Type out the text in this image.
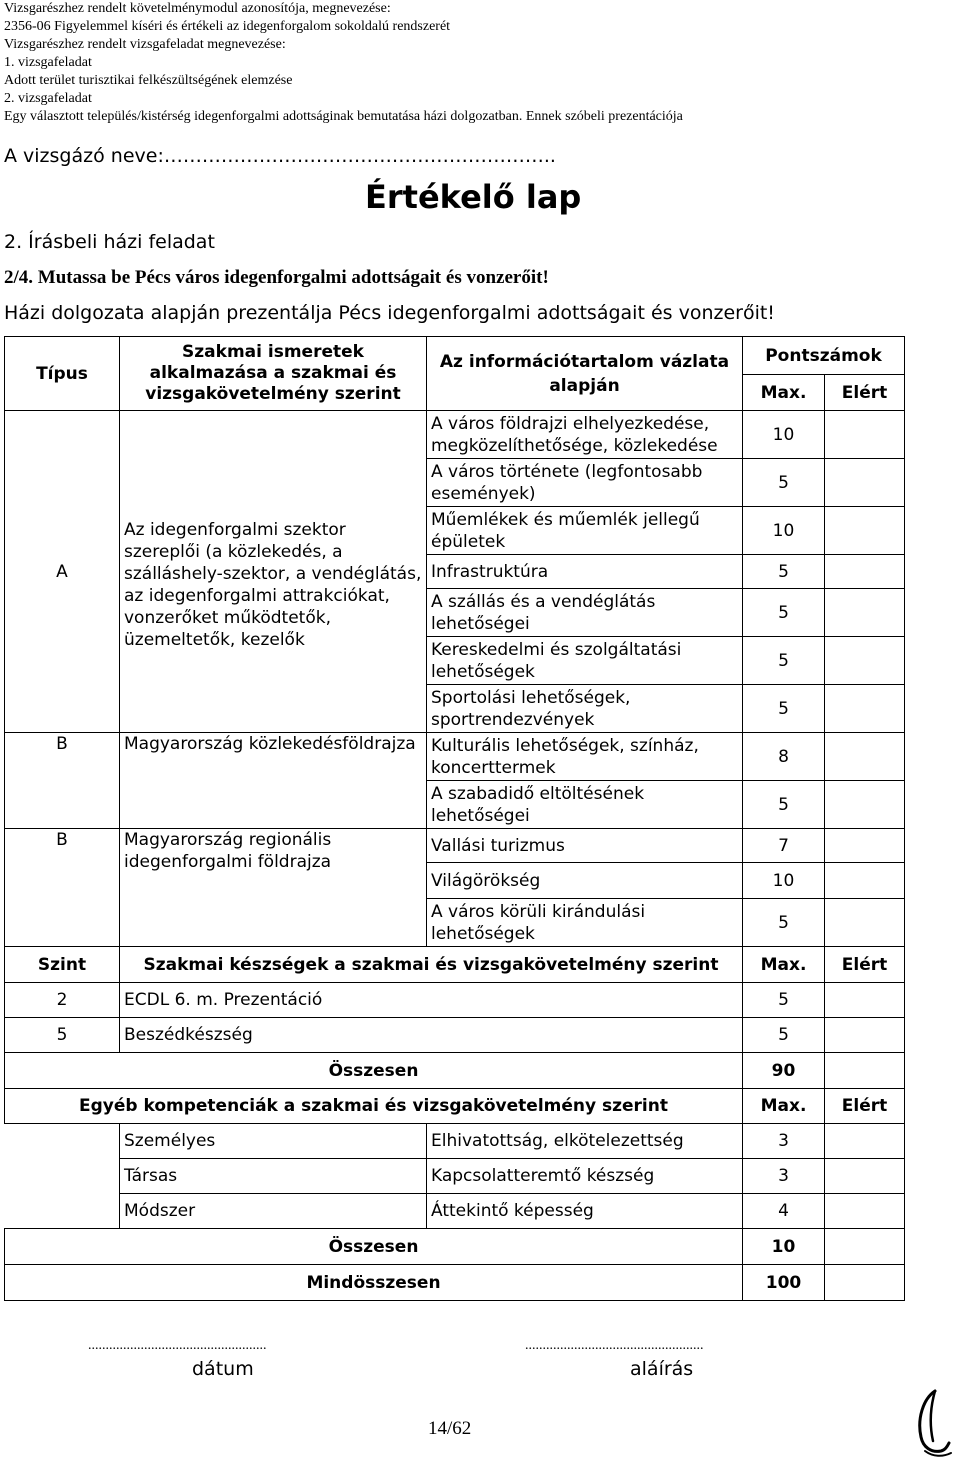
Vizsgarészhez rendelt követelménymodul azonosítója, megnevezése:
2356-06 Figyelemmel kíséri és értékeli az idegenforgalom sokoldalú rendszerét
Vizsgarészhez rendelt vizsgafeladat megnevezése:
1. vizsgafeladat
Adott terület turisztikai felkészültségének elemzése
2. vizsgafeladat
Egy választott település/kistérség idegenforgalmi adottságinak bemutatása házi dolgozatban. Ennek szóbeli prezentációja
A vizsgázó neve:……………………………………………………..
Értékelő lap
2. Írásbeli házi feladat
2/4. Mutassa be Pécs város idegenforgalmi adottságait és vonzerőit!
Házi dolgozata alapján prezentálja Pécs idegenforgalmi adottságait és vonzerőit!
Típus	Szakmai ismeretek alkalmazása a szakmai és vizsgakövetelmény szerint	Az információtartalom vázlata alapján	Pontszámok	
			Max.	Elért
A	Az idegenforgalmi szektor szereplői (a közlekedés, a szálláshely-szektor, a vendéglátás, az idegenforgalmi attrakciókat, vonzerőket működtetők, üzemeltetők, kezelők	A város földrajzi elhelyezkedése, megközelíthetősége, közlekedése	10	
		A város története (legfontosabb események)	5	
		Műemlékek és műemlék jellegű épületek	10	
		Infrastruktúra	5	
		A szállás és a vendéglátás lehetőségei	5	
		Kereskedelmi és szolgáltatási lehetőségek	5	
		Sportolási lehetőségek, sportrendezvények	5	
B	Magyarország közlekedésföldrajza	Kulturális lehetőségek, színház, koncerttermek	8	
		A szabadidő eltöltésének lehetőségei	5	
B	Magyarország regionális idegenforgalmi földrajza	Vallási turizmus	7	
		Világörökség	10	
		A város körüli kirándulási lehetőségek	5	
Szint	Szakmai készségek a szakmai és vizsgakövetelmény szerint		Max.	Elért
2	ECDL 6. m. Prezentáció		5	
5	Beszédkészség		5	
Összesen			90	
Egyéb kompetenciák a szakmai és vizsgakövetelmény szerint			Max.	Elért
	Személyes	Elhivatottság, elkötelezettség	3	
	Társas	Kapcsolatteremtő készség	3	
	Módszer	Áttekintő képesség	4	
Összesen			10	
Mindösszesen			100	
...................................................
dátum
...................................................
aláírás
14/62
